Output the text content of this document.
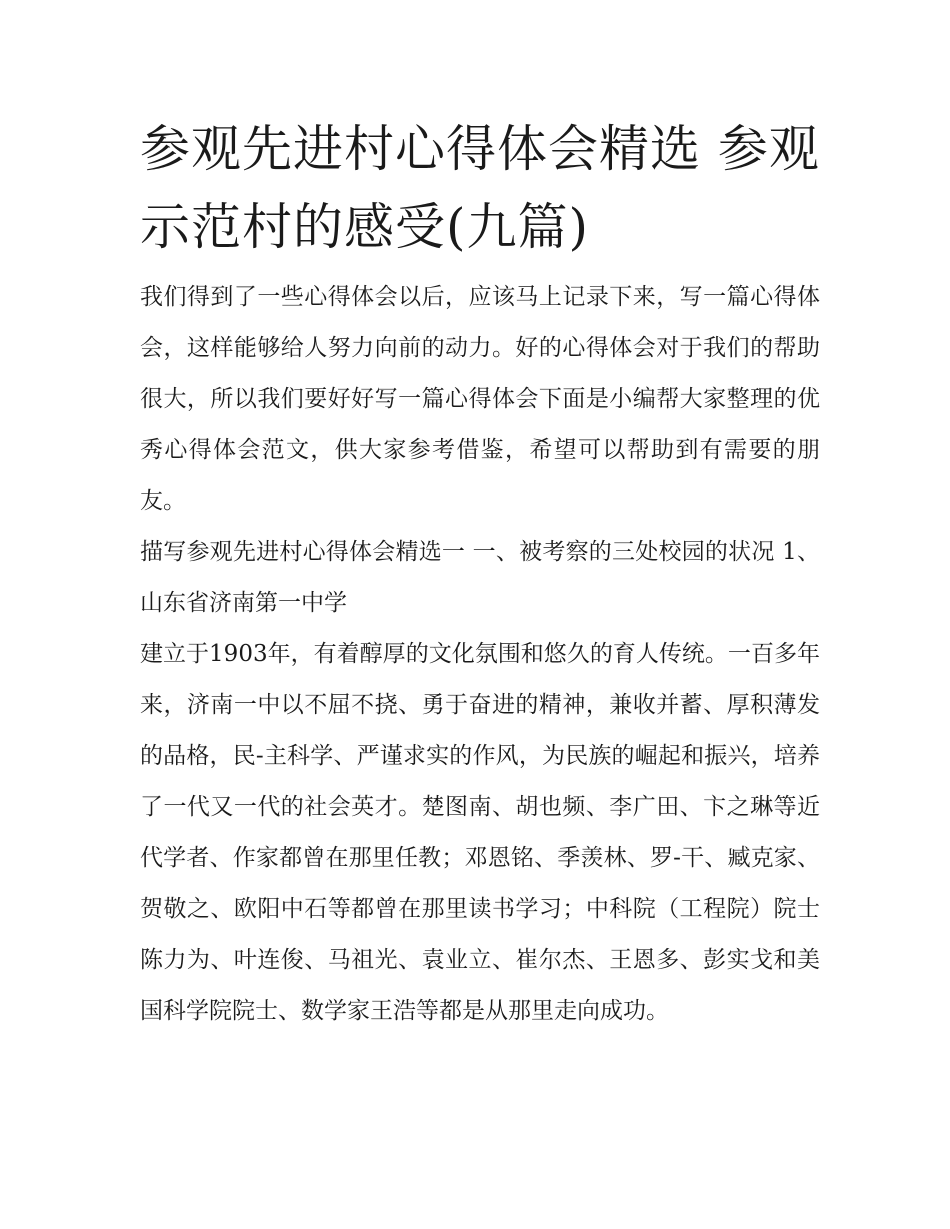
参观先进村心得体会精选 参观示范村的感受(九篇)

我们得到了一些心得体会以后，应该马上记录下来，写一篇心得体会，这样能够给人努力向前的动力。好的心得体会对于我们的帮助很大，所以我们要好好写一篇心得体会下面是小编帮大家整理的优秀心得体会范文，供大家参考借鉴，希望可以帮助到有需要的朋友。

描写参观先进村心得体会精选一 一、被考察的三处校园的状况 1、山东省济南第一中学

建立于1903年，有着醇厚的文化氛围和悠久的育人传统。一百多年来，济南一中以不屈不挠、勇于奋进的精神，兼收并蓄、厚积薄发的品格，民-主科学、严谨求实的作风，为民族的崛起和振兴，培养了一代又一代的社会英才。楚图南、胡也频、李广田、卞之琳等近代学者、作家都曾在那里任教；邓恩铭、季羡林、罗-干、臧克家、贺敬之、欧阳中石等都曾在那里读书学习；中科院（工程院）院士陈力为、叶连俊、马祖光、袁业立、崔尔杰、王恩多、彭实戈和美国科学院院士、数学家王浩等都是从那里走向成功。
